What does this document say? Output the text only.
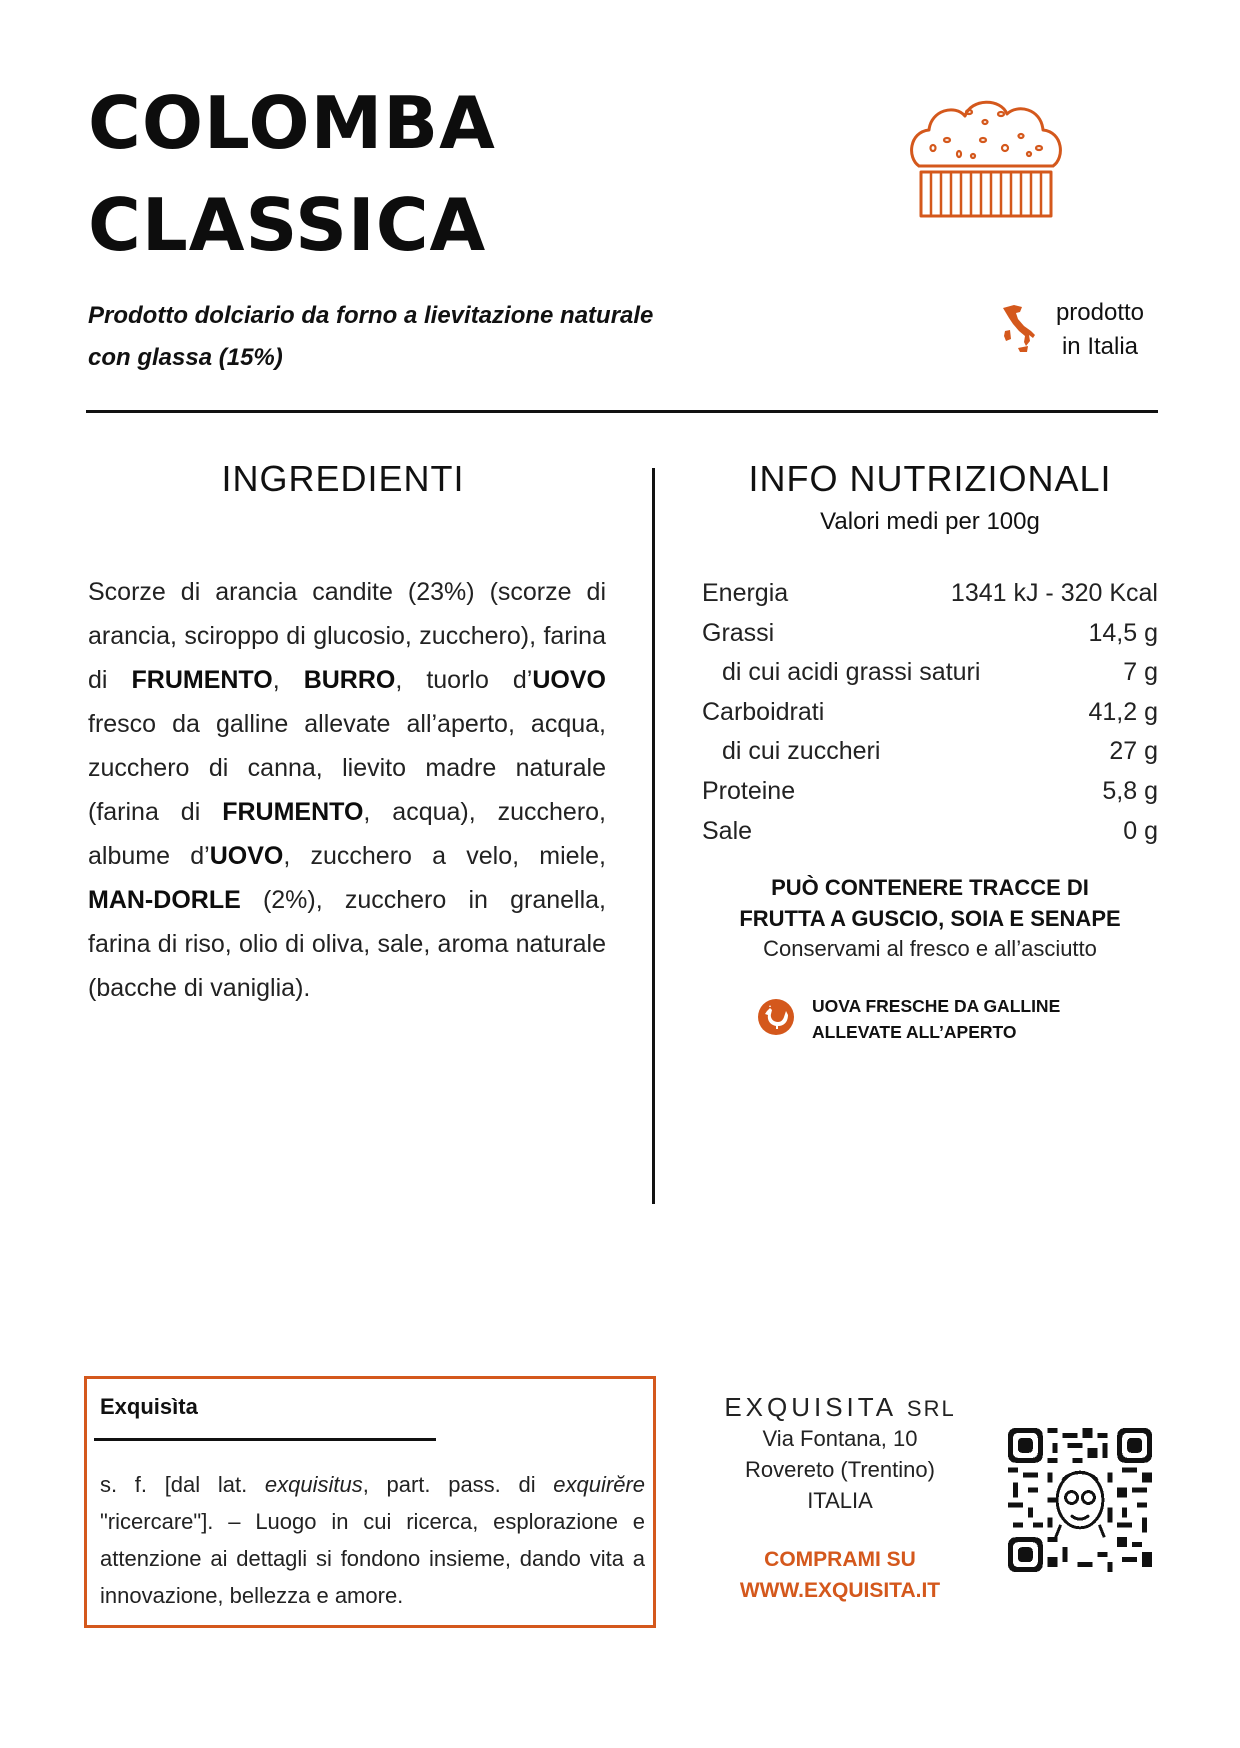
COLOMBA
CLASSICA
Prodotto dolciario da forno a lievitazione naturale
con glassa (15%)
prodotto
in Italia
INGREDIENTI
Scorze di arancia candite (23%) (scorze di arancia, sciroppo di glucosio, zucchero), farina di FRUMENTO, BURRO, tuorlo d’UOVO fresco da galline allevate all’aperto, acqua, zucchero di canna, lievito madre naturale (farina di FRUMENTO, acqua), zucchero, albume d’UOVO, zucchero a velo, miele, MAN-DORLE (2%), zucchero in granella, farina di riso, olio di oliva, sale, aroma naturale (bacche di vaniglia).
INFO NUTRIZIONALI
Valori medi per 100g
Energia	1341 kJ - 320 Kcal
Grassi	14,5 g
di cui acidi grassi saturi	7 g
Carboidrati	41,2 g
di cui zuccheri	27 g
Proteine	5,8 g
Sale	0 g
PUÒ CONTENERE TRACCE DI
FRUTTA A GUSCIO, SOIA E SENAPE
Conservami al fresco e all’asciutto
UOVA FRESCHE DA GALLINE
ALLEVATE ALL’APERTO
Exquisìta
s. f. [dal lat. exquisitus, part. pass. di exquirĕre "ricercare"]. – Luogo in cui ricerca, esplorazione e attenzione ai dettagli si fondono insieme, dando vita a innovazione, bellezza e amore.
EXQUISITA SRL
Via Fontana, 10
Rovereto (Trentino)
ITALIA
COMPRAMI SU
WWW.EXQUISITA.IT
